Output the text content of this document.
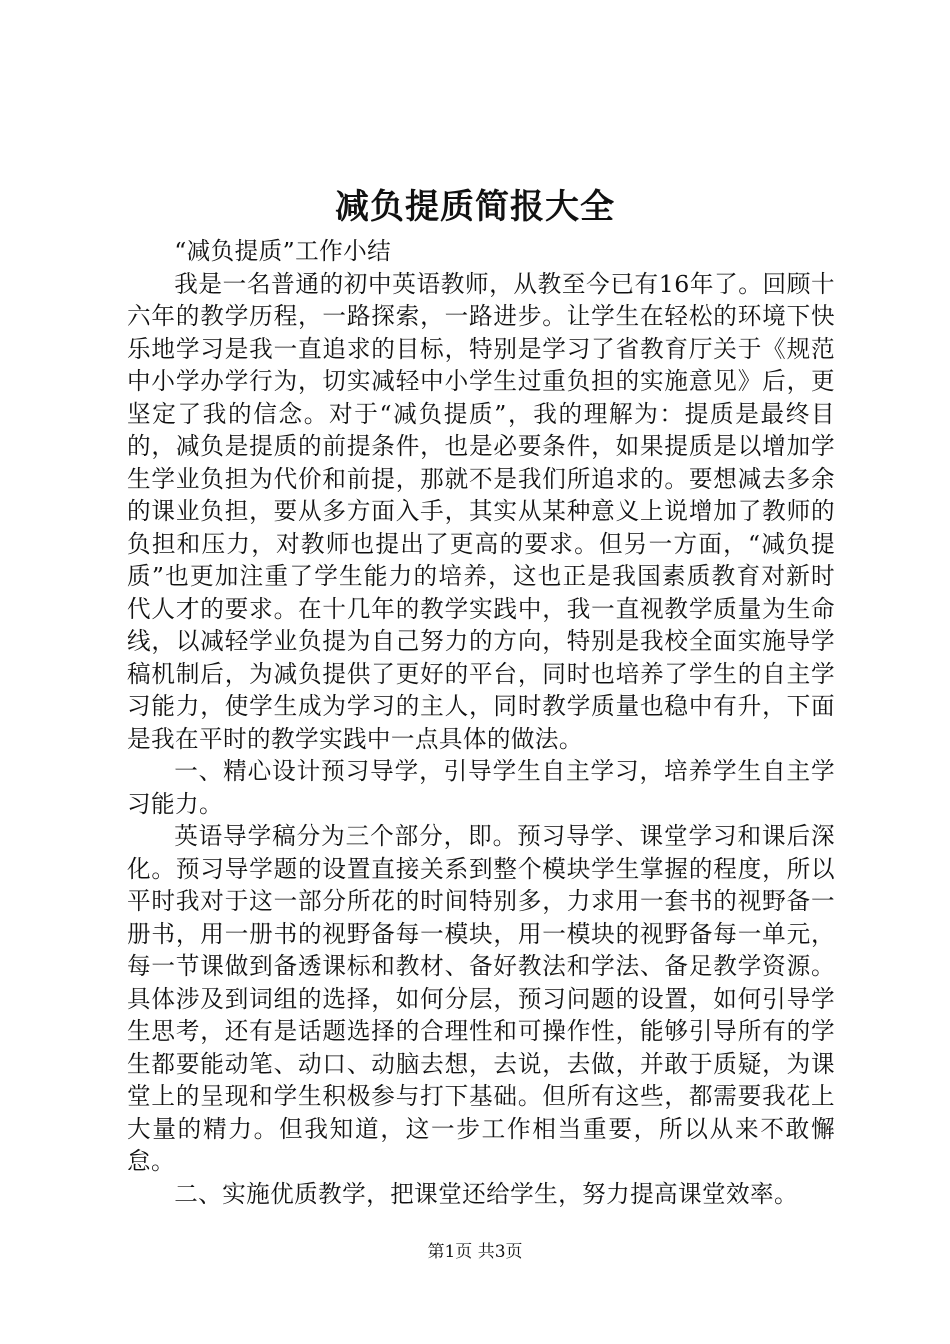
减负提质简报大全

“减负提质”工作小结

我是一名普通的初中英语教师，从教至今已有16年了。回顾十六年的教学历程，一路探索，一路进步。让学生在轻松的环境下快乐地学习是我一直追求的目标，特别是学习了省教育厅关于《规范中小学办学行为，切实减轻中小学生过重负担的实施意见》后，更坚定了我的信念。对于“减负提质”，我的理解为：提质是最终目的，减负是提质的前提条件，也是必要条件，如果提质是以增加学生学业负担为代价和前提，那就不是我们所追求的。要想减去多余的课业负担，要从多方面入手，其实从某种意义上说增加了教师的负担和压力，对教师也提出了更高的要求。但另一方面，“减负提质”也更加注重了学生能力的培养，这也正是我国素质教育对新时代人才的要求。在十几年的教学实践中，我一直视教学质量为生命线，以减轻学业负提为自己努力的方向，特别是我校全面实施导学稿机制后，为减负提供了更好的平台，同时也培养了学生的自主学习能力，使学生成为学习的主人，同时教学质量也稳中有升，下面是我在平时的教学实践中一点具体的做法。

一、精心设计预习导学，引导学生自主学习，培养学生自主学习能力。

英语导学稿分为三个部分，即。预习导学、课堂学习和课后深化。预习导学题的设置直接关系到整个模块学生掌握的程度，所以平时我对于这一部分所花的时间特别多，力求用一套书的视野备一册书，用一册书的视野备每一模块，用一模块的视野备每一单元，每一节课做到备透课标和教材、备好教法和学法、备足教学资源。具体涉及到词组的选择，如何分层，预习问题的设置，如何引导学生思考，还有是话题选择的合理性和可操作性，能够引导所有的学生都要能动笔、动口、动脑去想，去说，去做，并敢于质疑，为课堂上的呈现和学生积极参与打下基础。但所有这些，都需要我花上大量的精力。但我知道，这一步工作相当重要，所以从来不敢懈怠。

二、实施优质教学，把课堂还给学生，努力提高课堂效率。

第1页 共3页
